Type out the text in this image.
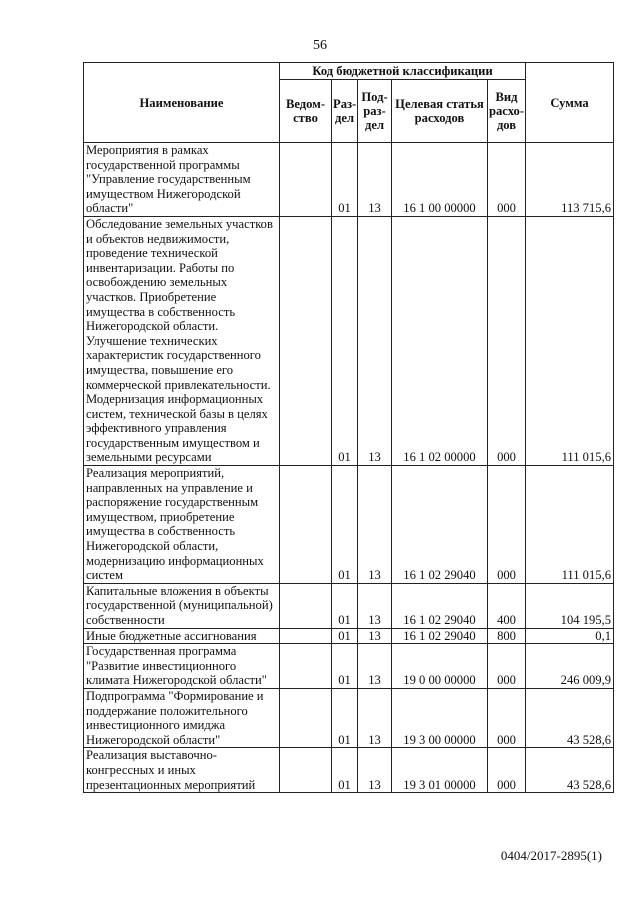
56
Наименование	Код бюджетной классификации					Сумма
	Ведом-ство	Раз-дел	Под-раз-дел	Целевая статья расходов	Вид расхо-дов	
Мероприятия в рамках государственной программы "Управление государственным имуществом Нижегородской области"		01	13	16 1 00 00000	000	113 715,6
Обследование земельных участков и объектов недвижимости, проведение технической инвентаризации. Работы по освобождению земельных участков. Приобретение имущества в собственность Нижегородской области. Улучшение технических характеристик государственного имущества, повышение его коммерческой привлекательности. Модернизация информационных систем, технической базы в целях эффективного управления государственным имуществом и земельными ресурсами		01	13	16 1 02 00000	000	111 015,6
Реализация мероприятий, направленных на управление и распоряжение государственным имуществом, приобретение имущества в собственность Нижегородской области, модернизацию информационных систем		01	13	16 1 02 29040	000	111 015,6
Капитальные вложения в объекты государственной (муниципальной) собственности		01	13	16 1 02 29040	400	104 195,5
Иные бюджетные ассигнования		01	13	16 1 02 29040	800	0,1
Государственная программа "Развитие инвестиционного климата Нижегородской области"		01	13	19 0 00 00000	000	246 009,9
Подпрограмма "Формирование и поддержание положительного инвестиционного имиджа Нижегородской области"		01	13	19 3 00 00000	000	43 528,6
Реализация выставочно-конгрессных и иных презентационных мероприятий		01	13	19 3 01 00000	000	43 528,6
0404/2017-2895(1)
